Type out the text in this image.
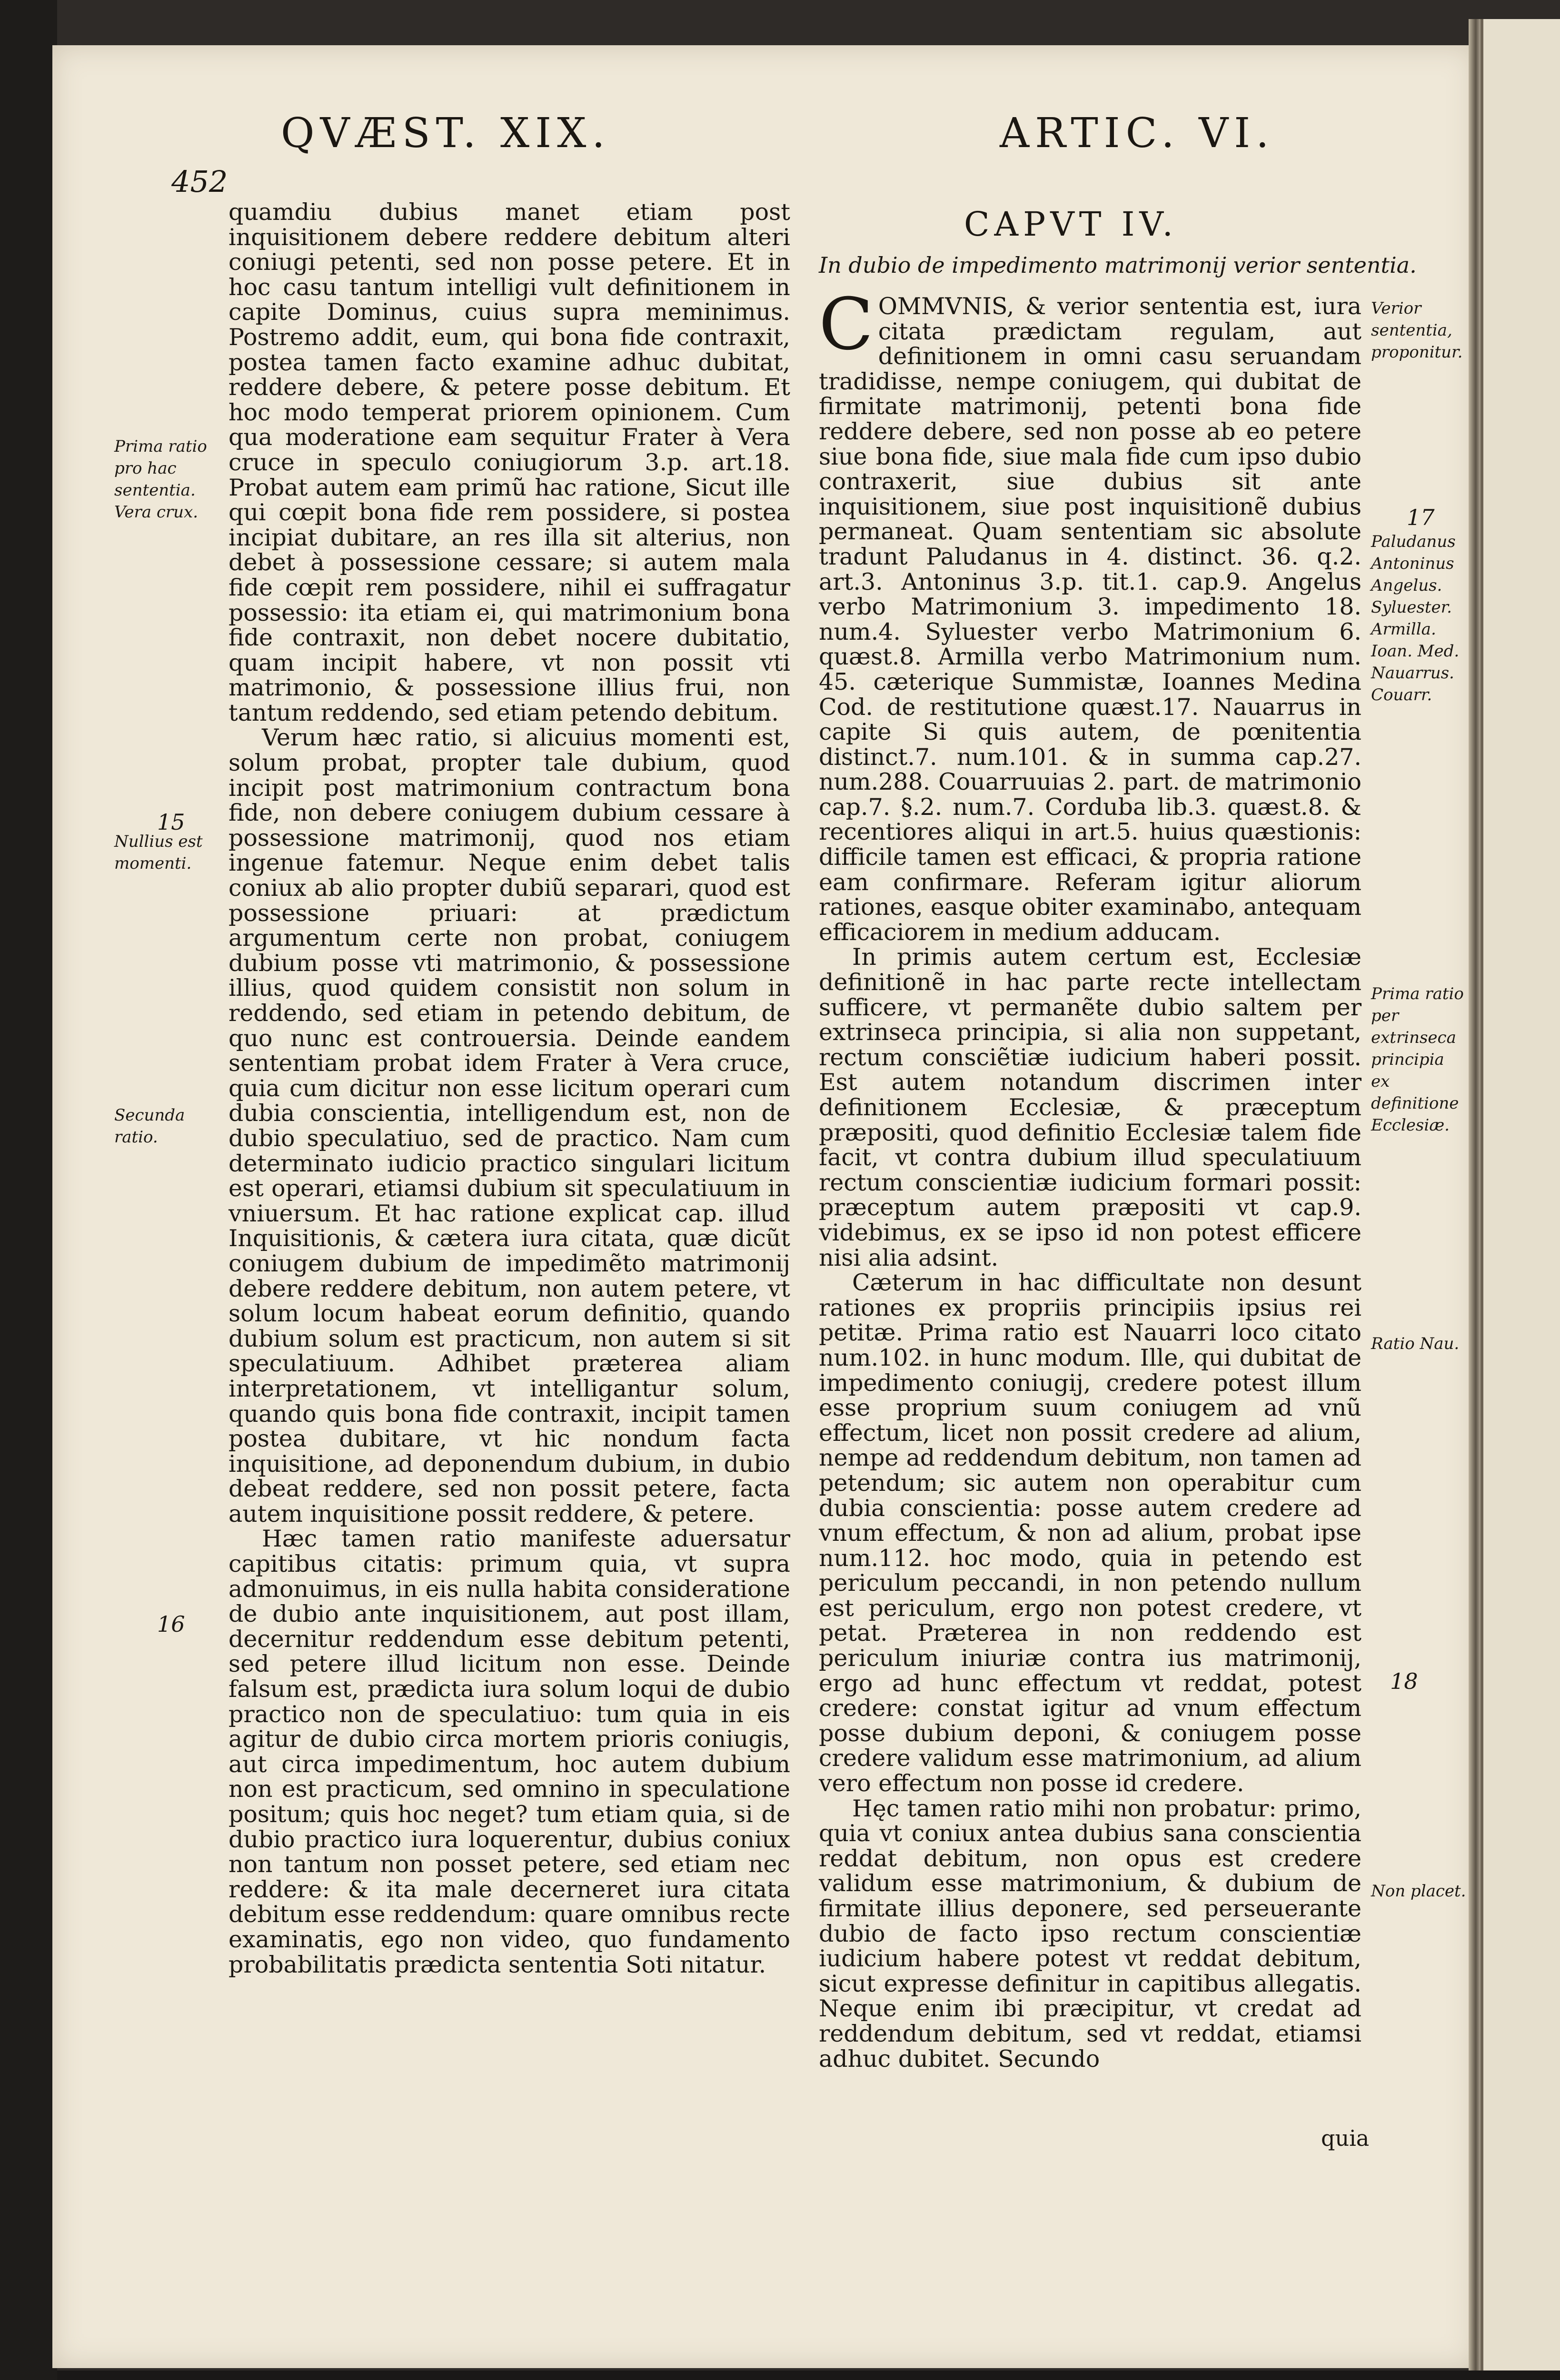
452
QVÆST. XIX.	ARTIC. VI.
CAPVT IV.
In dubio de impedimento matrimonij verior sententia.

quamdiu dubius manet etiam post inquisitionem debere reddere debitum alteri coniugi petenti, sed non posse petere. Et in hoc casu tantum intelligi vult definitionem in capite Dominus, cuius supra meminimus. Postremo addit, eum, qui bona fide contraxit, postea tamen facto examine adhuc dubitat, reddere debere, & petere posse debitum. Et hoc modo temperat priorem opinionem. Cum qua moderatione eam sequitur Frater à Vera cruce in speculo coniugiorum 3.p. art.18. Probat autem eam primũ hac ratione, Sicut ille qui cœpit bona fide rem possidere, si postea incipiat dubitare, an res illa sit alterius, non debet à possessione cessare; si autem mala fide cœpit rem possidere, nihil ei suffragatur possessio: ita etiam ei, qui matrimonium bona fide contraxit, non debet nocere dubitatio, quam incipit habere, vt non possit vti matrimonio, & possessione illius frui, non tantum reddendo, sed etiam petendo debitum.

Verum hæc ratio, si alicuius momenti est, solum probat, propter tale dubium, quod incipit post matrimonium contractum bona fide, non debere coniugem dubium cessare à possessione matrimonij, quod nos etiam ingenue fatemur. Neque enim debet talis coniux ab alio propter dubiũ separari, quod est possessione priuari: at prædictum argumentum certe non probat, coniugem dubium posse vti matrimonio, & possessione illius, quod quidem consistit non solum in reddendo, sed etiam in petendo debitum, de quo nunc est controuersia. Deinde eandem sententiam probat idem Frater à Vera cruce, quia cum dicitur non esse licitum operari cum dubia conscientia, intelligendum est, non de dubio speculatiuo, sed de practico. Nam cum determinato iudicio practico singulari licitum est operari, etiamsi dubium sit speculatiuum in vniuersum. Et hac ratione explicat cap. illud Inquisitionis, & cætera iura citata, quæ dicũt coniugem dubium de impedimẽto matrimonij debere reddere debitum, non autem petere, vt solum locum habeat eorum definitio, quando dubium solum est practicum, non autem si sit speculatiuum. Adhibet præterea aliam interpretationem, vt intelligantur solum, quando quis bona fide contraxit, incipit tamen postea dubitare, vt hic nondum facta inquisitione, ad deponendum dubium, in dubio debeat reddere, sed non possit petere, facta autem inquisitione possit reddere, & petere.

Hæc tamen ratio manifeste aduersatur capitibus citatis: primum quia, vt supra admonuimus, in eis nulla habita consideratione de dubio ante inquisitionem, aut post illam, decernitur reddendum esse debitum petenti, sed petere illud licitum non esse. Deinde falsum est, prædicta iura solum loqui de dubio practico non de speculatiuo: tum quia in eis agitur de dubio circa mortem prioris coniugis, aut circa impedimentum, hoc autem dubium non est practicum, sed omnino in speculatione positum; quis hoc neget? tum etiam quia, si de dubio practico iura loquerentur, dubius coniux non tantum non posset petere, sed etiam nec reddere: & ita male decerneret iura citata debitum esse reddendum: quare omnibus recte examinatis, ego non video, quo fundamento probabilitatis prædicta sententia Soti nitatur.

COMMVNIS, & verior sententia est, iura citata prædictam regulam, aut definitionem in omni casu seruandam tradidisse, nempe coniugem, qui dubitat de firmitate matrimonij, petenti bona fide reddere debere, sed non posse ab eo petere siue bona fide, siue mala fide cum ipso dubio contraxerit, siue dubius sit ante inquisitionem, siue post inquisitionẽ dubius permaneat. Quam sententiam sic absolute tradunt Paludanus in 4. distinct. 36. q.2. art.3. Antoninus 3.p. tit.1. cap.9. Angelus verbo Matrimonium 3. impedimento 18. num.4. Syluester verbo Matrimonium 6. quæst.8. Armilla verbo Matrimonium num. 45. cæterique Summistæ, Ioannes Medina Cod. de restitutione quæst.17. Nauarrus in capite Si quis autem, de pœnitentia distinct.7. num.101. & in summa cap.27. num.288. Couarruuias 2. part. de matrimonio cap.7. §.2. num.7. Corduba lib.3. quæst.8. & recentiores aliqui in art.5. huius quæstionis: difficile tamen est efficaci, & propria ratione eam confirmare. Referam igitur aliorum rationes, easque obiter examinabo, antequam efficaciorem in medium adducam.

In primis autem certum est, Ecclesiæ definitionẽ in hac parte recte intellectam sufficere, vt permanẽte dubio saltem per extrinseca principia, si alia non suppetant, rectum consciẽtiæ iudicium haberi possit. Est autem notandum discrimen inter definitionem Ecclesiæ, & præceptum præpositi, quod definitio Ecclesiæ talem fide facit, vt contra dubium illud speculatiuum rectum conscientiæ iudicium formari possit: præceptum autem præpositi vt cap.9. videbimus, ex se ipso id non potest efficere nisi alia adsint.

Cæterum in hac difficultate non desunt rationes ex propriis principiis ipsius rei petitæ. Prima ratio est Nauarri loco citato num.102. in hunc modum. Ille, qui dubitat de impedimento coniugij, credere potest illum esse proprium suum coniugem ad vnũ effectum, licet non possit credere ad alium, nempe ad reddendum debitum, non tamen ad petendum; sic autem non operabitur cum dubia conscientia: posse autem credere ad vnum effectum, & non ad alium, probat ipse num.112. hoc modo, quia in petendo est periculum peccandi, in non petendo nullum est periculum, ergo non potest credere, vt petat. Præterea in non reddendo est periculum iniuriæ contra ius matrimonij, ergo ad hunc effectum vt reddat, potest credere: constat igitur ad vnum effectum posse dubium deponi, & coniugem posse credere validum esse matrimonium, ad alium vero effectum non posse id credere.

Hęc tamen ratio mihi non probatur: primo, quia vt coniux antea dubius sana conscientia reddat debitum, non opus est credere validum esse matrimonium, & dubium de firmitate illius deponere, sed perseuerante dubio de facto ipso rectum conscientiæ iudicium habere potest vt reddat debitum, sicut expresse definitur in capitibus allegatis. Neque enim ibi præcipitur, vt credat ad reddendum debitum, sed vt reddat, etiamsi adhuc dubitet. Secundo

quia
Prima ratio pro hac sententia. Vera crux.
15
Nullius est momenti.
Secunda ratio.
16
Verior sententia, proponitur.
17
Paludanus Antoninus Angelus. Syluester. Armilla. Ioan. Med. Nauarrus. Couarr.
Prima ratio per extrinseca principia ex definitione Ecclesiæ.
Ratio Nau.
18
Non placet.
